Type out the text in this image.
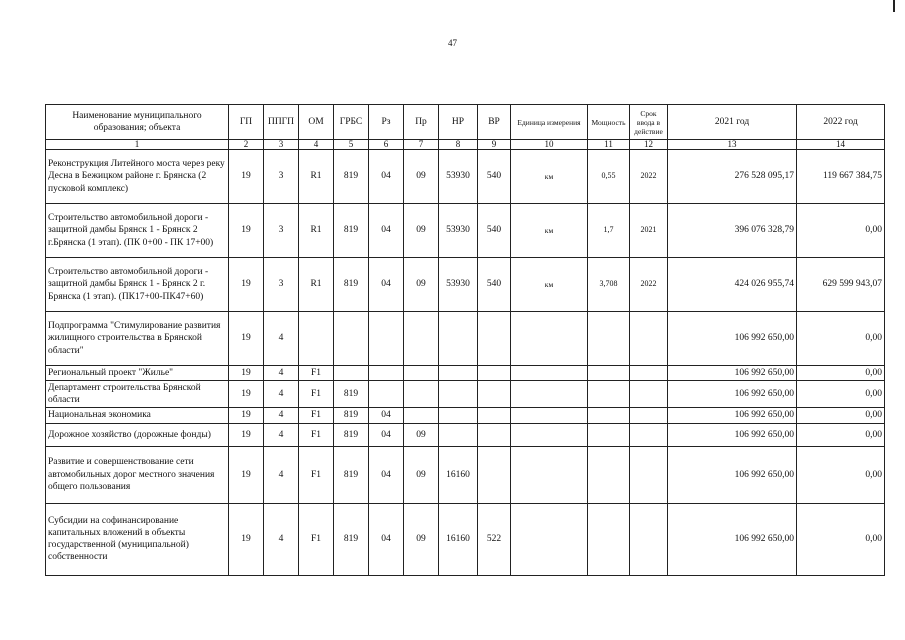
47
Наименование муниципального образования; объекта	ГП	ППГП	ОМ	ГРБС	Рз	Пр	НР	ВР	Единица измерения	Мощность	Срок ввода в действие	2021 год	2022 год
1	2	3	4	5	6	7	8	9	10	11	12	13	14
Реконструкция Литейного моста через реку Десна в Бежицком районе г. Брянска (2 пусковой комплекс)	19	3	R1	819	04	09	53930	540	км	0,55	2022	276 528 095,17	119 667 384,75
Строительство автомобильной дороги - защитной дамбы Брянск 1 - Брянск 2 г.Брянска (1 этап). (ПК 0+00 - ПК 17+00)	19	3	R1	819	04	09	53930	540	км	1,7	2021	396 076 328,79	0,00
Строительство автомобильной дороги - защитной дамбы Брянск 1 - Брянск 2 г. Брянска (1 этап). (ПК17+00-ПК47+60)	19	3	R1	819	04	09	53930	540	км	3,708	2022	424 026 955,74	629 599 943,07
Подпрограмма "Стимулирование развития жилищного строительства в Брянской области"	19	4										106 992 650,00	0,00
Региональный проект "Жилье"	19	4	F1									106 992 650,00	0,00
Департамент строительства Брянской области	19	4	F1	819								106 992 650,00	0,00
Национальная экономика	19	4	F1	819	04							106 992 650,00	0,00
Дорожное хозяйство (дорожные фонды)	19	4	F1	819	04	09						106 992 650,00	0,00
Развитие и совершенствование сети автомобильных дорог местного значения общего пользования	19	4	F1	819	04	09	16160					106 992 650,00	0,00
Субсидии на софинансирование капитальных вложений в объекты государственной (муниципальной) собственности	19	4	F1	819	04	09	16160	522				106 992 650,00	0,00
